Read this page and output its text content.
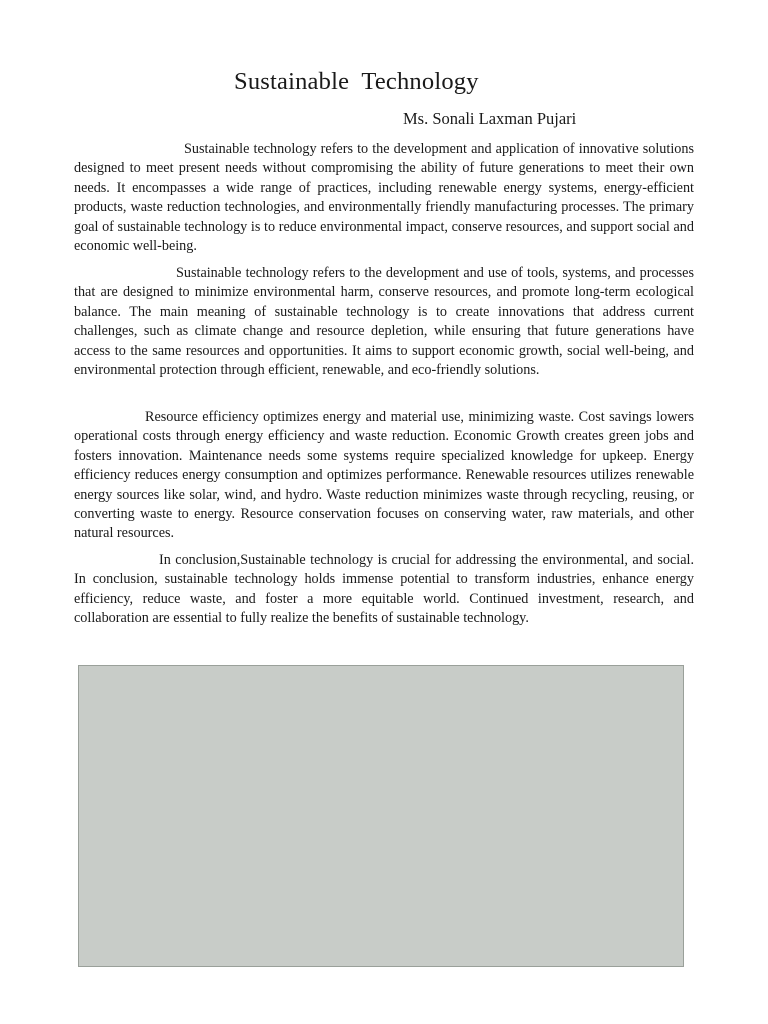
Sustainable  Technology
Ms. Sonali Laxman Pujari

Sustainable technology refers to the development and application of innovative solutions designed to meet present needs without compromising the ability of future generations to meet their own needs. It encompasses a wide range of practices, including renewable energy systems, energy-efficient products, waste reduction technologies, and environmentally friendly manufacturing processes. The primary goal of sustainable technology is to reduce environmental impact, conserve resources, and support social and economic well-being.

Sustainable technology refers to the development and use of tools, systems, and processes that are designed to minimize environmental harm, conserve resources, and promote long-term ecological balance. The main meaning of sustainable technology is to create innovations that address current challenges, such as climate change and resource depletion, while ensuring that future generations have access to the same resources and opportunities. It aims to support economic growth, social well-being, and environmental protection through efficient, renewable, and eco-friendly solutions.

Resource efficiency optimizes energy and material use, minimizing waste. Cost savings lowers operational costs through energy efficiency and waste reduction. Economic Growth creates green jobs and fosters innovation. Maintenance needs some systems require specialized knowledge for upkeep. Energy efficiency reduces energy consumption and optimizes performance. Renewable resources utilizes renewable energy sources like solar, wind, and hydro. Waste reduction minimizes waste through recycling, reusing, or converting waste to energy. Resource conservation focuses on conserving water, raw materials, and other natural resources.

In conclusion,Sustainable technology is crucial for addressing the environmental, and social. In conclusion, sustainable technology holds immense potential to transform industries, enhance energy efficiency, reduce waste, and foster a more equitable world. Continued investment, research, and collaboration are essential to fully realize the benefits of sustainable technology.
